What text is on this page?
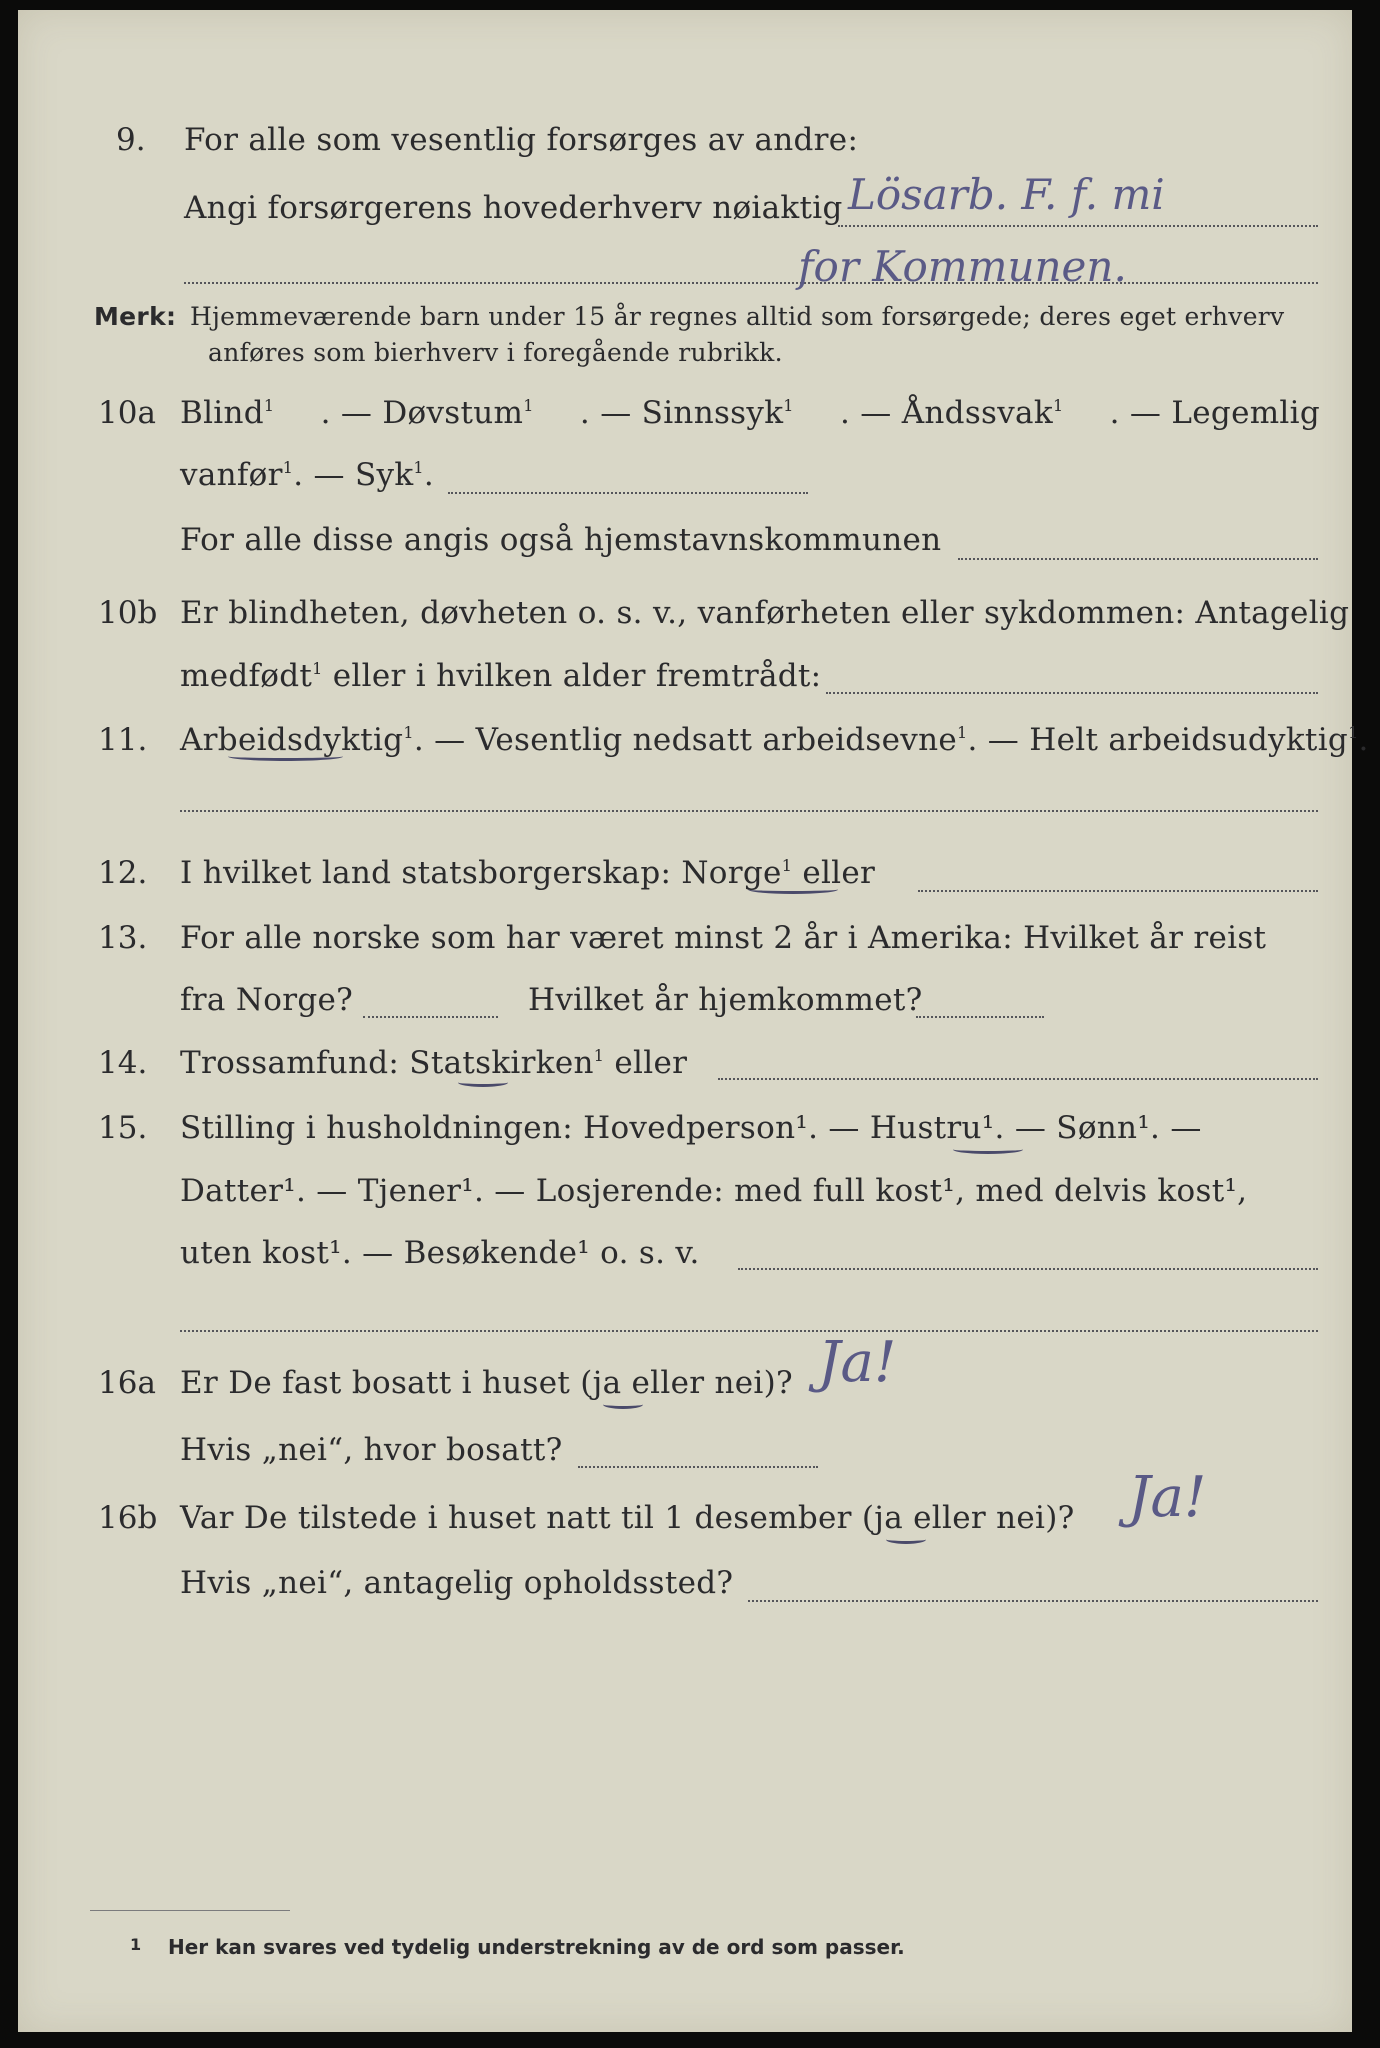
9. For alle som vesentlig forsørges av andre:
Angi forsørgerens hovederhverv nøiaktig Lösarb. F. f. mi
for Kommunen.
Merk: Hjemmeværende barn under 15 år regnes alltid som forsørgede; deres eget erhverv
anføres som bierhverv i foregående rubrikk.
10a Blind$^1$ . — Døvstum$^1$ . — Sinnssyk$^1$ . — Åndssvak$^1$ . — Legemlig
vanfør$^1$. — Syk$^1$.
For alle disse angis også hjemstavnskommunen
10b Er blindheten, døvheten o. s. v., vanførheten eller sykdommen: Antagelig
medfødt$^1$ eller i hvilken alder fremtrådt:
11. Arbeidsdyktig$^1$. — Vesentlig nedsatt arbeidsevne$^1$. — Helt arbeidsudyktig$^1$.
12. I hvilket land statsborgerskap: Norge$^1$ eller
13. For alle norske som har været minst 2 år i Amerika: Hvilket år reist
fra Norge?	Hvilket år hjemkommet?
14. Trossamfund: Statskirken$^1$ eller
15. Stilling i husholdningen: Hovedperson¹. — Hustru¹. — Sønn¹. —
Datter¹. — Tjener¹. — Losjerende: med full kost¹, med delvis kost¹,
uten kost¹. — Besøkende¹ o. s. v.
16a Er De fast bosatt i huset (ja eller nei)? Ja!
Hvis „nei“, hvor bosatt?
16b Var De tilstede i huset natt til 1 desember (ja eller nei)? Ja!
Hvis „nei“, antagelig opholdssted?
1 Her kan svares ved tydelig understrekning av de ord som passer.
